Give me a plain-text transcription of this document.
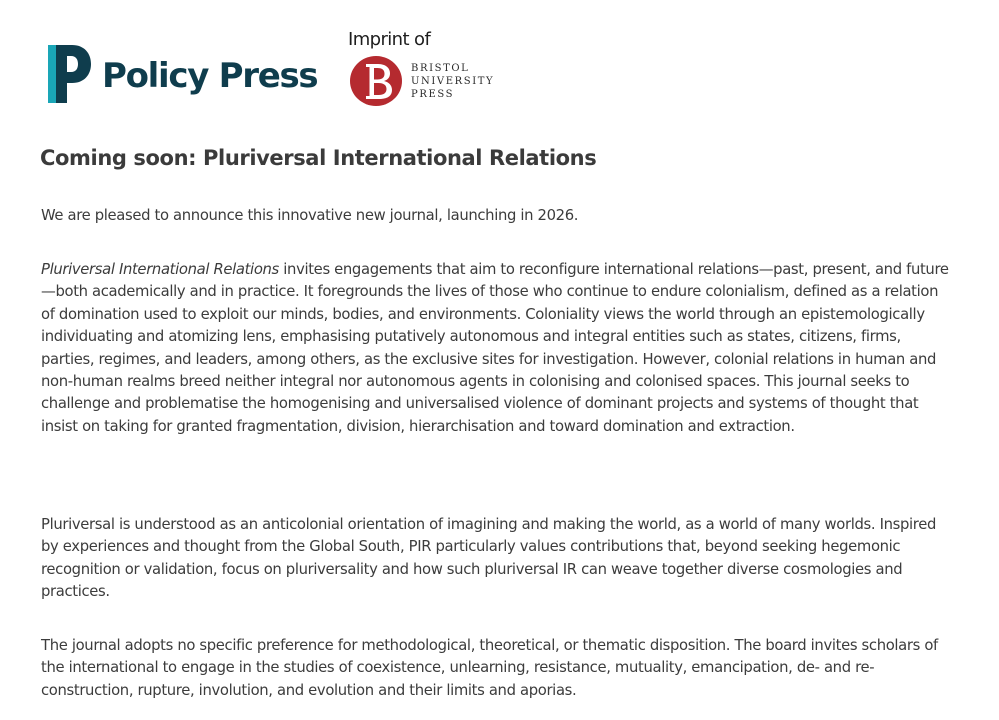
Policy Press
Imprint of
BRISTOL
UNIVERSITY
PRESS
Coming soon: Pluriversal International Relations

We are pleased to announce this innovative new journal, launching in 2026.

Pluriversal International Relations invites engagements that aim to reconfigure international relations—past, present, and future—both academically and in practice. It foregrounds the lives of those who continue to endure colonialism, defined as a relation of domination used to exploit our minds, bodies, and environments. Coloniality views the world through an epistemologically individuating and atomizing lens, emphasising putatively autonomous and integral entities such as states, citizens, firms, parties, regimes, and leaders, among others, as the exclusive sites for investigation. However, colonial relations in human and non-human realms breed neither integral nor autonomous agents in colonising and colonised spaces. This journal seeks to challenge and problematise the homogenising and universalised violence of dominant projects and systems of thought that insist on taking for granted fragmentation, division, hierarchisation and toward domination and extraction.

Pluriversal is understood as an anticolonial orientation of imagining and making the world, as a world of many worlds. Inspired by experiences and thought from the Global South, PIR particularly values contributions that, beyond seeking hegemonic recognition or validation, focus on pluriversality and how such pluriversal IR can weave together diverse cosmologies and practices.

The journal adopts no specific preference for methodological, theoretical, or thematic disposition. The board invites scholars of the international to engage in the studies of coexistence, unlearning, resistance, mutuality, emancipation, de- and re-construction, rupture, involution, and evolution and their limits and aporias.
